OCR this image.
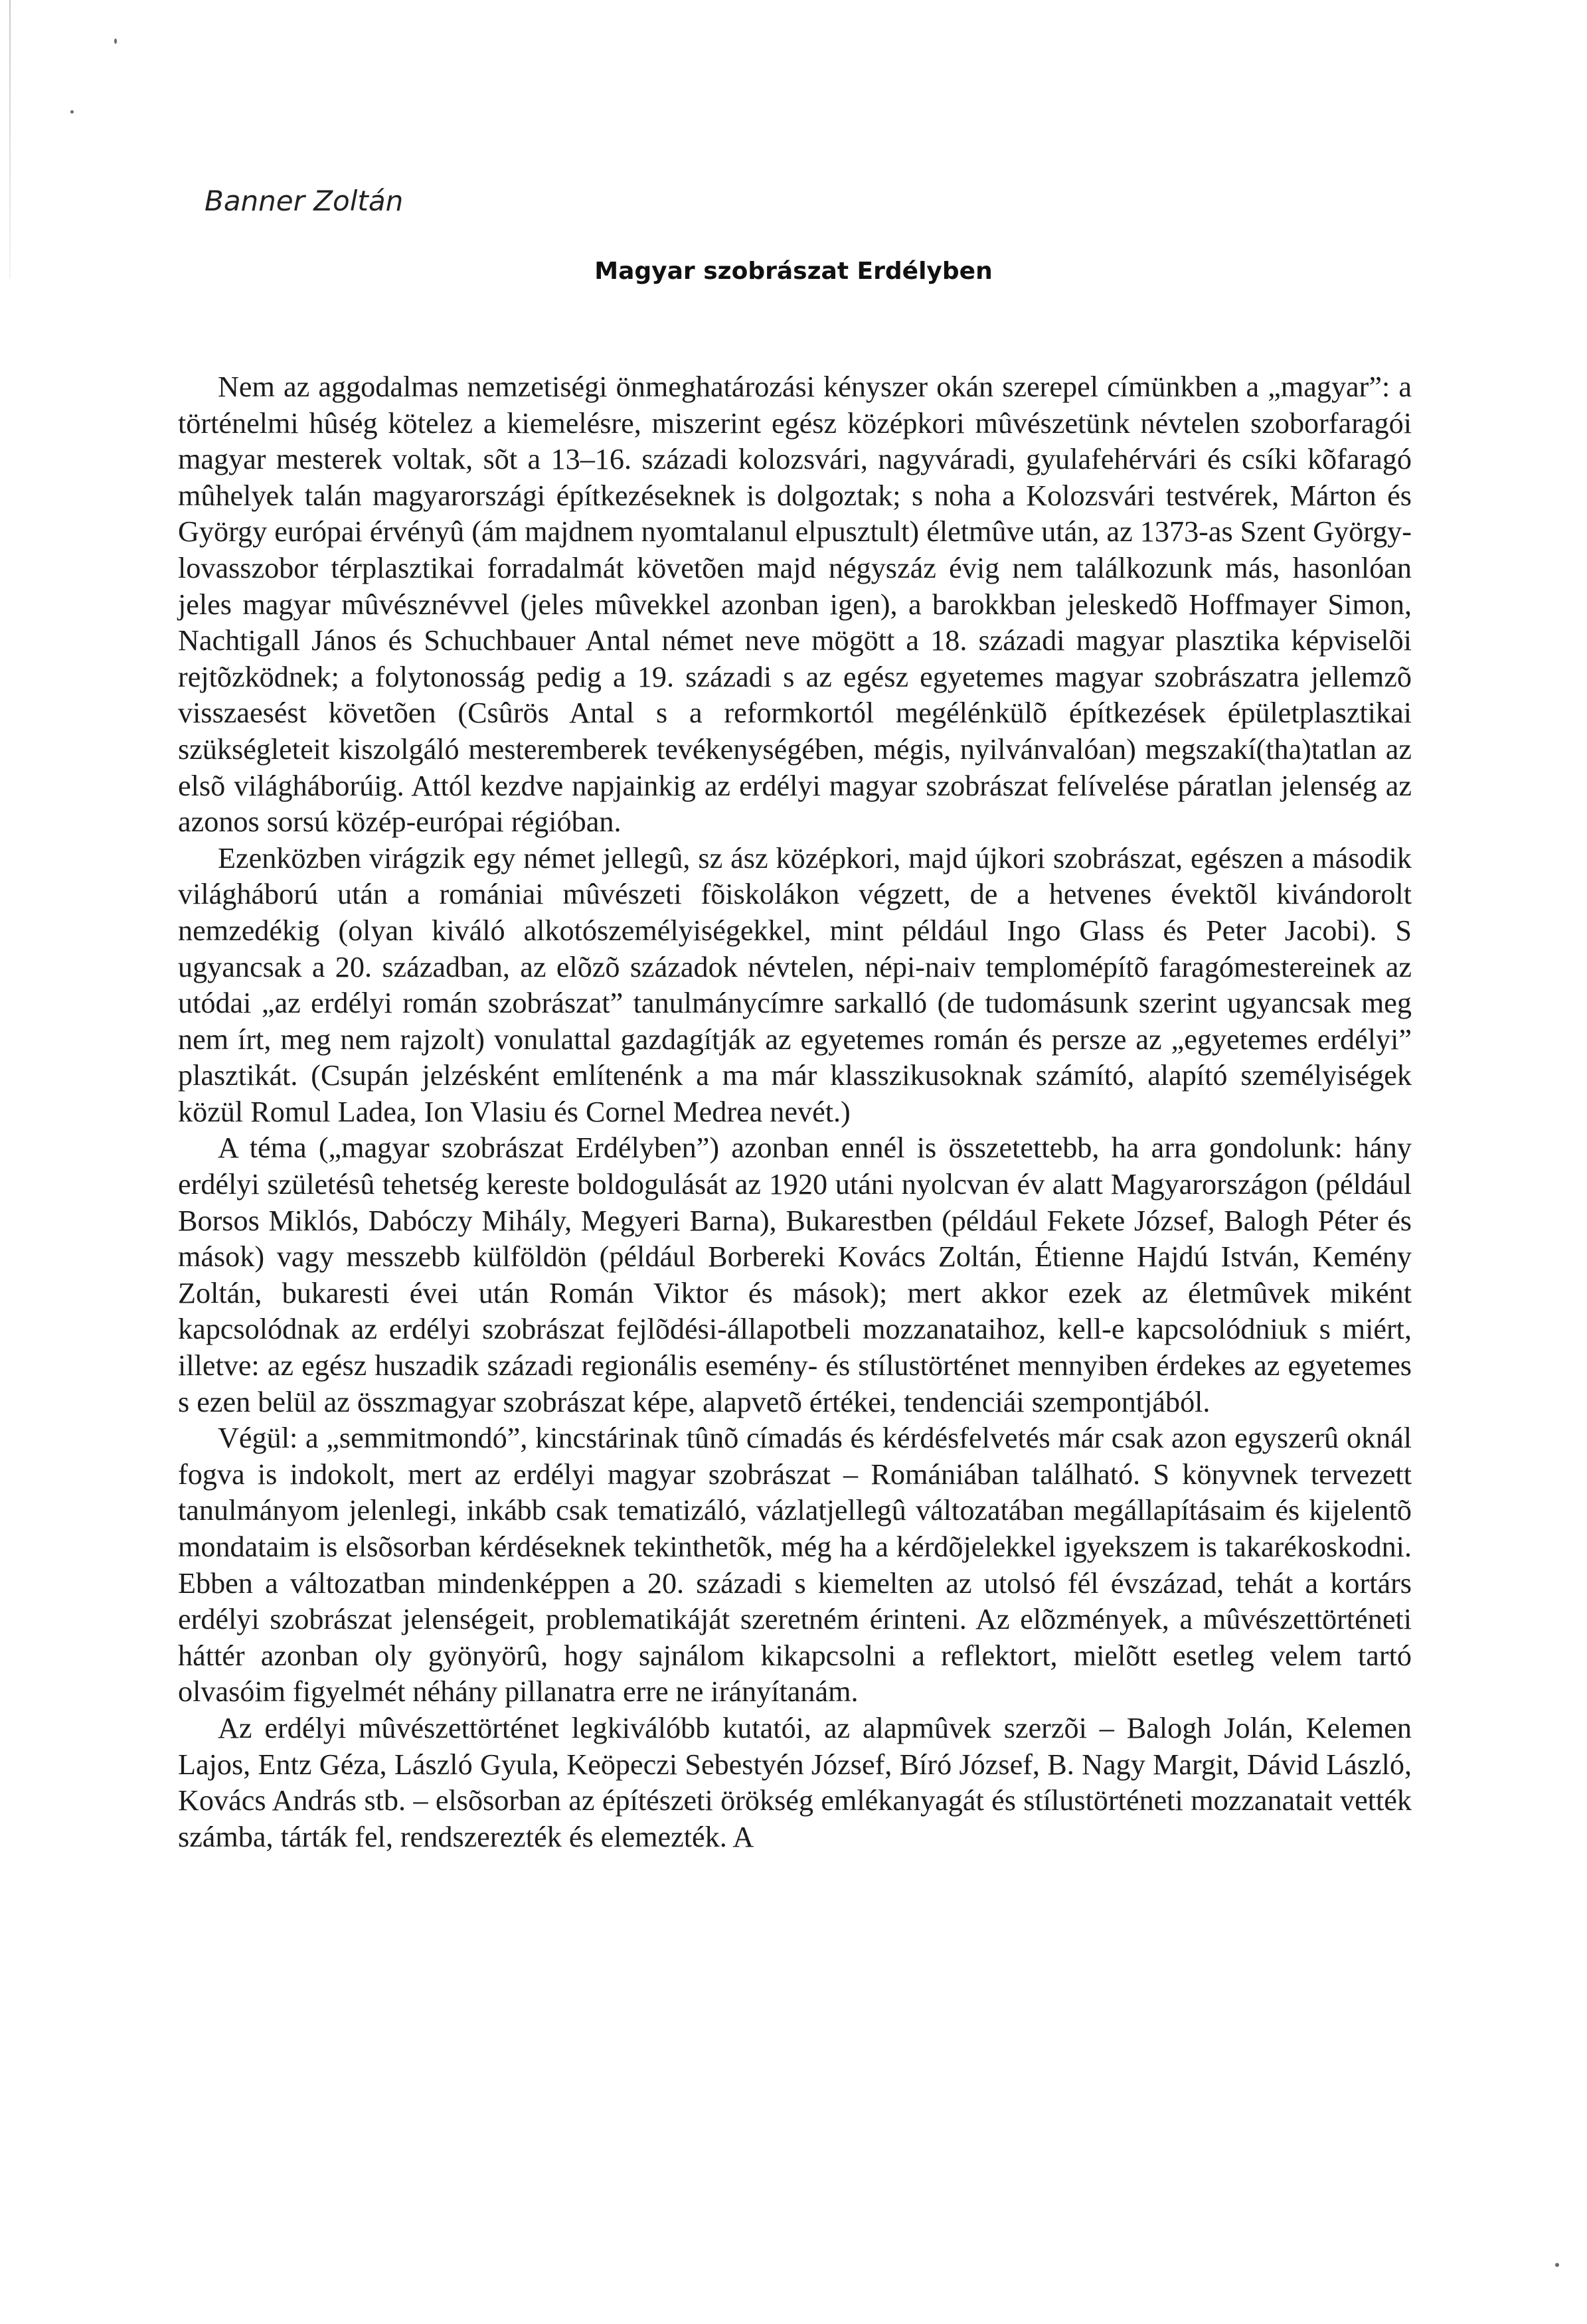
Banner Zoltán
Magyar szobrászat Erdélyben

Nem az aggodalmas nemzetiségi önmeghatározási kényszer okán szerepel címünkben a „magyar”: a történelmi hûség kötelez a kiemelésre, miszerint egész középkori mûvészetünk névtelen szoborfaragói magyar mesterek voltak, sõt a 13–16. századi kolozsvári, nagyváradi, gyulafehérvári és csíki kõfaragó mûhelyek talán magyarországi építkezéseknek is dolgoztak; s noha a Kolozsvári testvérek, Márton és György európai érvényû (ám majdnem nyomtalanul elpusztult) életmûve után, az 1373-as Szent György-lovasszobor térplasztikai forradalmát követõen majd négyszáz évig nem találkozunk más, hasonlóan jeles magyar mûvésznévvel (jeles mûvekkel azonban igen), a barokkban jeleskedõ Hoffmayer Simon, Nachtigall János és Schuchbauer Antal német neve mögött a 18. századi magyar plasztika képviselõi rejtõzködnek; a folytonosság pedig a 19. századi s az egész egyetemes magyar szobrászatra jellemzõ visszaesést követõen (Csûrös Antal s a reformkortól megélénkülõ építkezések épületplasztikai szükségleteit kiszolgáló mesteremberek tevékenységében, mégis, nyilvánvalóan) megszakí(tha)tatlan az elsõ világháborúig. Attól kezdve napjainkig az erdélyi magyar szobrászat felívelése páratlan jelenség az azonos sorsú közép-európai régióban.

Ezenközben virágzik egy német jellegû, sz ász középkori, majd újkori szobrászat, egészen a második világháború után a romániai mûvészeti fõiskolákon végzett, de a hetvenes évektõl kivándorolt nemzedékig (olyan kiváló alkotószemélyiségekkel, mint például Ingo Glass és Peter Jacobi). S ugyancsak a 20. században, az elõzõ századok névtelen, népi-naiv templomépítõ faragómestereinek az utódai „az erdélyi román szobrászat” tanulmánycímre sarkalló (de tudomásunk szerint ugyancsak meg nem írt, meg nem rajzolt) vonulattal gazdagítják az egyetemes román és persze az „egyetemes erdélyi” plasztikát. (Csupán jelzésként említenénk a ma már klasszikusoknak számító, alapító személyiségek közül Romul Ladea, Ion Vlasiu és Cornel Medrea nevét.)

A téma („magyar szobrászat Erdélyben”) azonban ennél is összetettebb, ha arra gondolunk: hány erdélyi születésû tehetség kereste boldogulását az 1920 utáni nyolcvan év alatt Magyarországon (például Borsos Miklós, Dabóczy Mihály, Megyeri Barna), Bukarestben (például Fekete József, Balogh Péter és mások) vagy messzebb külföldön (például Borbereki Kovács Zoltán, Étienne Hajdú István, Kemény Zoltán, bukaresti évei után Román Viktor és mások); mert akkor ezek az életmûvek miként kapcsolódnak az erdélyi szobrászat fejlõdési-állapotbeli mozzanataihoz, kell-e kapcsolódniuk s miért, illetve: az egész huszadik századi regionális esemény- és stílustörténet mennyiben érdekes az egyetemes s ezen belül az összmagyar szobrászat képe, alapvetõ értékei, tendenciái szempontjából.

Végül: a „semmitmondó”, kincstárinak tûnõ címadás és kérdésfelvetés már csak azon egyszerû oknál fogva is indokolt, mert az erdélyi magyar szobrászat – Romániában található. S könyvnek tervezett tanulmányom jelenlegi, inkább csak tematizáló, vázlatjellegû változatában megállapításaim és kijelentõ mondataim is elsõsorban kérdéseknek tekinthetõk, még ha a kérdõjelekkel igyekszem is takarékoskodni. Ebben a változatban mindenképpen a 20. századi s kiemelten az utolsó fél évszázad, tehát a kortárs erdélyi szobrászat jelenségeit, problematikáját szeretném érinteni. Az elõzmények, a mûvészettörténeti háttér azonban oly gyönyörû, hogy sajnálom kikapcsolni a reflektort, mielõtt esetleg velem tartó olvasóim figyelmét néhány pillanatra erre ne irányítanám.

Az erdélyi mûvészettörténet legkiválóbb kutatói, az alapmûvek szerzõi – Balogh Jolán, Kelemen Lajos, Entz Géza, László Gyula, Keöpeczi Sebestyén József, Bíró József, B. Nagy Margit, Dávid László, Kovács András stb. – elsõsorban az építészeti örökség emlékanyagát és stílustörténeti mozzanatait vették számba, tárták fel, rendszerezték és elemezték. A
